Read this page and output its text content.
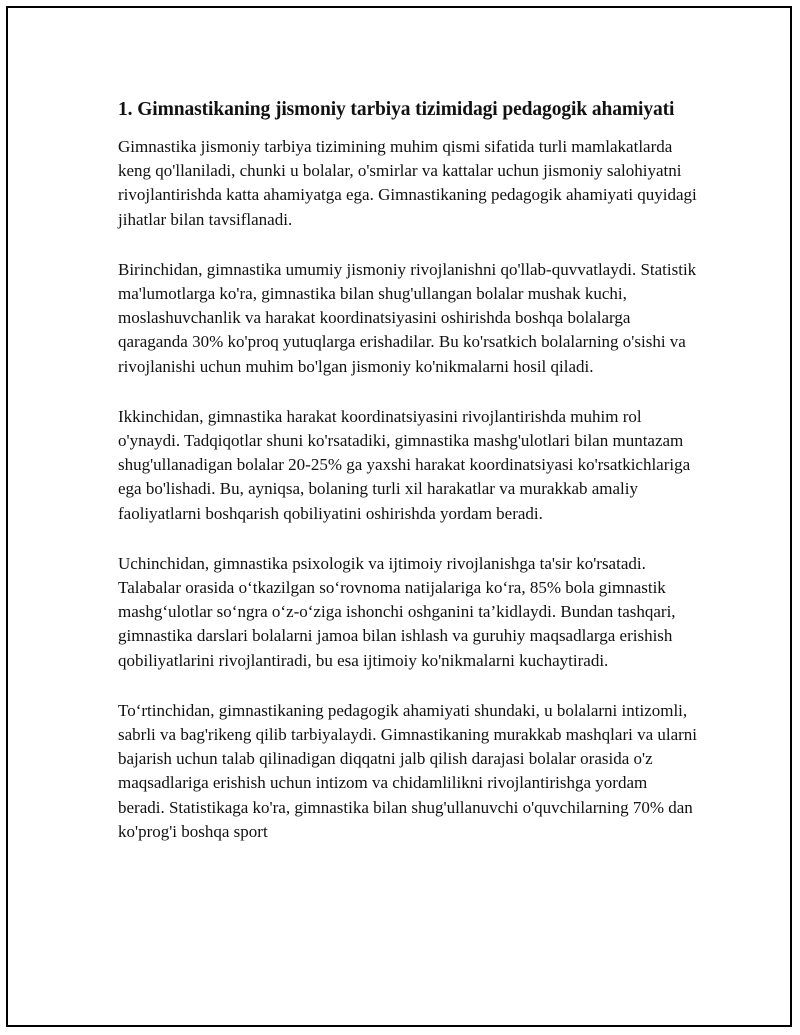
1. Gimnastikaning jismoniy tarbiya tizimidagi pedagogik ahamiyati

Gimnastika jismoniy tarbiya tizimining muhim qismi sifatida turli mamlakatlarda keng qo'llaniladi, chunki u bolalar, o'smirlar va kattalar uchun jismoniy salohiyatni rivojlantirishda katta ahamiyatga ega. Gimnastikaning pedagogik ahamiyati quyidagi jihatlar bilan tavsiflanadi.

Birinchidan, gimnastika umumiy jismoniy rivojlanishni qo'llab-quvvatlaydi. Statistik ma'lumotlarga ko'ra, gimnastika bilan shug'ullangan bolalar mushak kuchi, moslashuvchanlik va harakat koordinatsiyasini oshirishda boshqa bolalarga qaraganda 30% ko'proq yutuqlarga erishadilar. Bu ko'rsatkich bolalarning o'sishi va rivojlanishi uchun muhim bo'lgan jismoniy ko'nikmalarni hosil qiladi.

Ikkinchidan, gimnastika harakat koordinatsiyasini rivojlantirishda muhim rol o'ynaydi. Tadqiqotlar shuni ko'rsatadiki, gimnastika mashg'ulotlari bilan muntazam shug'ullanadigan bolalar 20-25% ga yaxshi harakat koordinatsiyasi ko'rsatkichlariga ega bo'lishadi. Bu, ayniqsa, bolaning turli xil harakatlar va murakkab amaliy faoliyatlarni boshqarish qobiliyatini oshirishda yordam beradi.

Uchinchidan, gimnastika psixologik va ijtimoiy rivojlanishga ta'sir ko'rsatadi. Talabalar orasida o‘tkazilgan so‘rovnoma natijalariga ko‘ra, 85% bola gimnastik mashg‘ulotlar so‘ngra o‘z-o‘ziga ishonchi oshganini ta’kidlaydi. Bundan tashqari, gimnastika darslari bolalarni jamoa bilan ishlash va guruhiy maqsadlarga erishish qobiliyatlarini rivojlantiradi, bu esa ijtimoiy ko'nikmalarni kuchaytiradi.

To‘rtinchidan, gimnastikaning pedagogik ahamiyati shundaki, u bolalarni intizomli, sabrli va bag'rikeng qilib tarbiyalaydi. Gimnastikaning murakkab mashqlari va ularni bajarish uchun talab qilinadigan diqqatni jalb qilish darajasi bolalar orasida o'z maqsadlariga erishish uchun intizom va chidamlilikni rivojlantirishga yordam beradi. Statistikaga ko'ra, gimnastika bilan shug'ullanuvchi o'quvchilarning 70% dan ko'prog'i boshqa sport
